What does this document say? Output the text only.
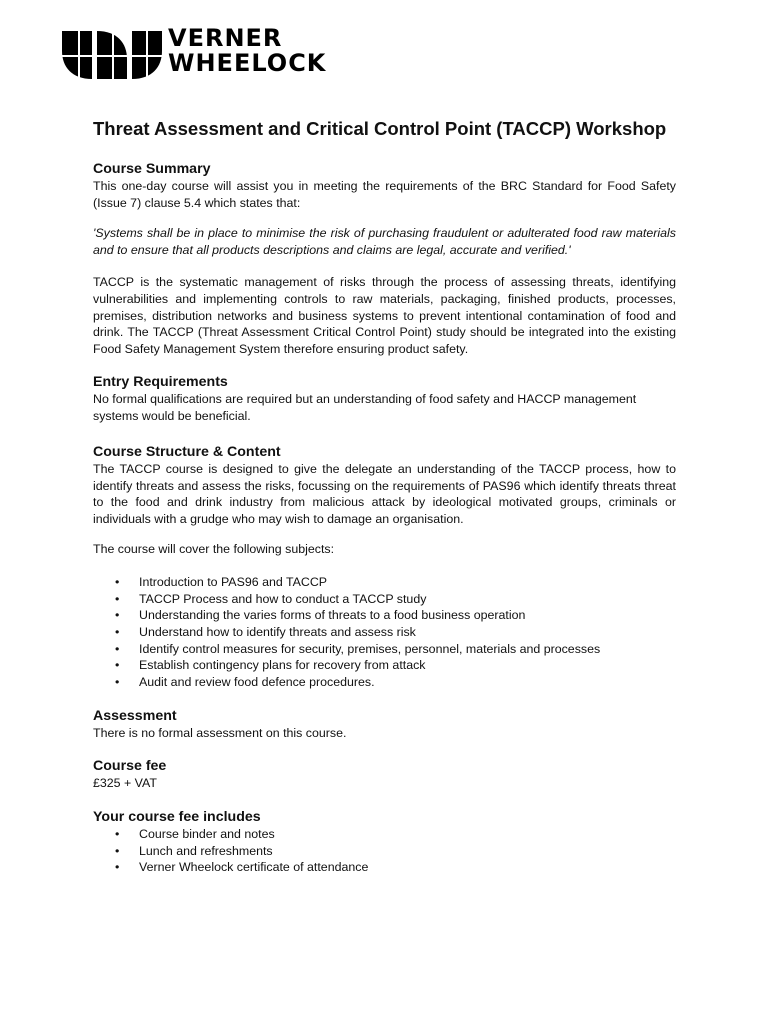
VERNER
WHEELOCK
Threat Assessment and Critical Control Point (TACCP) Workshop
Course Summary
This one-day course will assist you in meeting the requirements of the BRC Standard for Food Safety (Issue 7) clause 5.4 which states that:
'Systems shall be in place to minimise the risk of purchasing fraudulent or adulterated food raw materials and to ensure that all products descriptions and claims are legal, accurate and verified.'
TACCP is the systematic management of risks through the process of assessing threats, identifying vulnerabilities and implementing controls to raw materials, packaging, finished products, processes, premises, distribution networks and business systems to prevent intentional contamination of food and drink. The TACCP (Threat Assessment Critical Control Point) study should be integrated into the existing Food Safety Management System therefore ensuring product safety.
Entry Requirements
No formal qualifications are required but an understanding of food safety and HACCP management systems would be beneficial.
Course Structure & Content
The TACCP course is designed to give the delegate an understanding of the TACCP process, how to identify threats and assess the risks, focussing on the requirements of PAS96 which identify threats threat to the food and drink industry from malicious attack by ideological motivated groups, criminals or individuals with a grudge who may wish to damage an organisation.
The course will cover the following subjects:
• Introduction to PAS96 and TACCP
• TACCP Process and how to conduct a TACCP study
• Understanding the varies forms of threats to a food business operation
• Understand how to identify threats and assess risk
• Identify control measures for security, premises, personnel, materials and processes
• Establish contingency plans for recovery from attack
• Audit and review food defence procedures.
Assessment
There is no formal assessment on this course.
Course fee
£325 + VAT
Your course fee includes
• Course binder and notes
• Lunch and refreshments
• Verner Wheelock certificate of attendance
